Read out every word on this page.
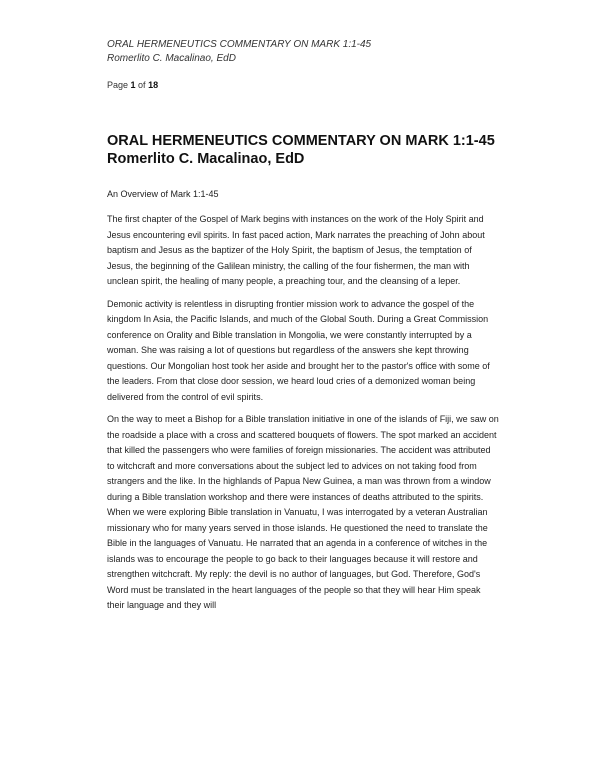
ORAL HERMENEUTICS COMMENTARY ON MARK 1:1-45
Romerlito C. Macalinao, EdD
Page 1 of 18
ORAL HERMENEUTICS COMMENTARY ON MARK 1:1-45
Romerlito C. Macalinao, EdD
An Overview of Mark 1:1-45

The first chapter of the Gospel of Mark begins with instances on the work of the Holy Spirit and Jesus encountering evil spirits. In fast paced action, Mark narrates the preaching of John about baptism and Jesus as the baptizer of the Holy Spirit, the baptism of Jesus, the temptation of Jesus, the beginning of the Galilean ministry, the calling of the four fishermen, the man with unclean spirit, the healing of many people, a preaching tour, and the cleansing of a leper.

Demonic activity is relentless in disrupting frontier mission work to advance the gospel of the kingdom In Asia, the Pacific Islands, and much of the Global South. During a Great Commission conference on Orality and Bible translation in Mongolia, we were constantly interrupted by a woman. She was raising a lot of questions but regardless of the answers she kept throwing questions. Our Mongolian host took her aside and brought her to the pastor's office with some of the leaders. From that close door session, we heard loud cries of a demonized woman being delivered from the control of evil spirits.

On the way to meet a Bishop for a Bible translation initiative in one of the islands of Fiji, we saw on the roadside a place with a cross and scattered bouquets of flowers. The spot marked an accident that killed the passengers who were families of foreign missionaries. The accident was attributed to witchcraft and more conversations about the subject led to advices on not taking food from strangers and the like. In the highlands of Papua New Guinea, a man was thrown from a window during a Bible translation workshop and there were instances of deaths attributed to the spirits. When we were exploring Bible translation in Vanuatu, I was interrogated by a veteran Australian missionary who for many years served in those islands. He questioned the need to translate the Bible in the languages of Vanuatu. He narrated that an agenda in a conference of witches in the islands was to encourage the people to go back to their languages because it will restore and strengthen witchcraft. My reply: the devil is no author of languages, but God. Therefore, God's Word must be translated in the heart languages of the people so that they will hear Him speak their language and they will
